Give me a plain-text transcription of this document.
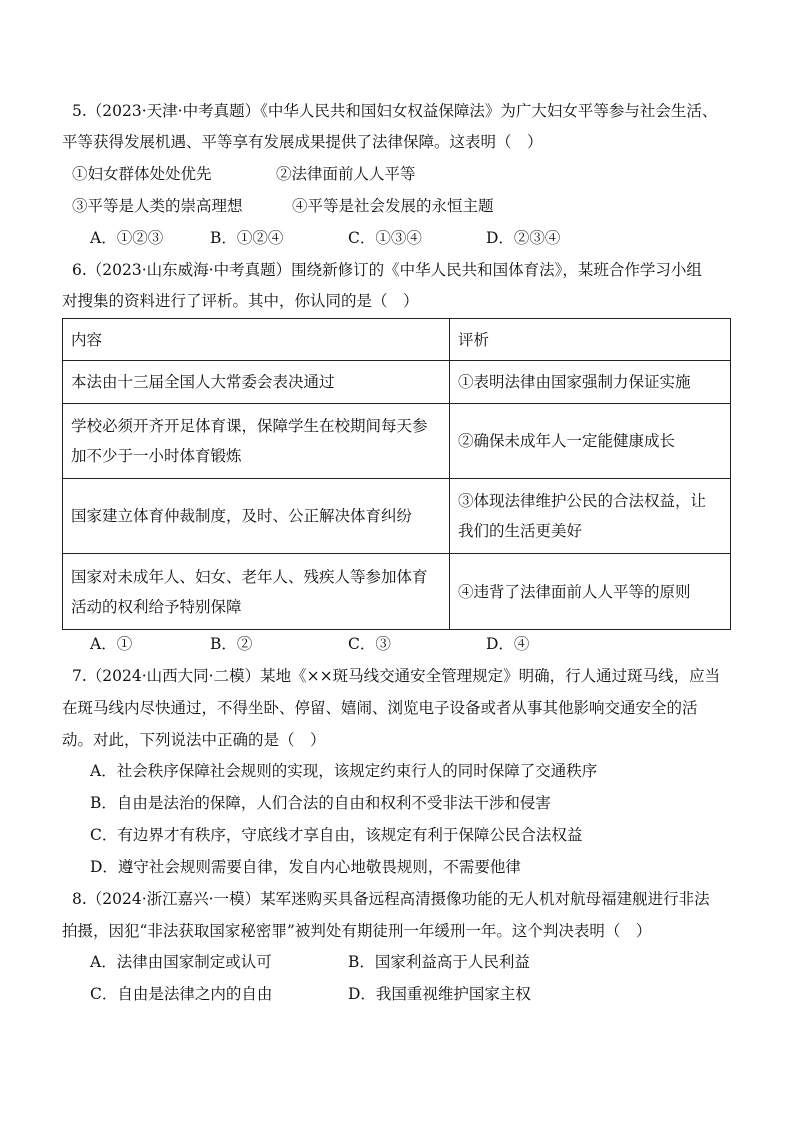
5.（2023·天津·中考真题）《中华人民共和国妇女权益保障法》为广大妇女平等参与社会生活、
平等获得发展机遇、平等享有发展成果提供了法律保障。这表明（　）
①妇女群体处处优先	②法律面前人人平等
③平等是人类的崇高理想	④平等是社会发展的永恒主题
A．①②③	B．①②④	C．①③④	D．②③④
6.（2023·山东威海·中考真题）围绕新修订的《中华人民共和国体育法》，某班合作学习小组
对搜集的资料进行了评析。其中，你认同的是（　）
内容	评析
本法由十三届全国人大常委会表决通过	①表明法律由国家强制力保证实施
学校必须开齐开足体育课，保障学生在校期间每天参
加不少于一小时体育锻炼	②确保未成年人一定能健康成长
国家建立体育仲裁制度，及时、公正解决体育纠纷	③体现法律维护公民的合法权益，让
我们的生活更美好
国家对未成年人、妇女、老年人、残疾人等参加体育
活动的权利给予特别保障	④违背了法律面前人人平等的原则
A．①	B．②	C．③	D．④
7.（2024·山西大同·二模）某地《××斑马线交通安全管理规定》明确，行人通过斑马线，应当
在斑马线内尽快通过，不得坐卧、停留、嬉闹、浏览电子设备或者从事其他影响交通安全的活
动。对此，下列说法中正确的是（　）
A．社会秩序保障社会规则的实现，该规定约束行人的同时保障了交通秩序
B．自由是法治的保障，人们合法的自由和权利不受非法干涉和侵害
C．有边界才有秩序，守底线才享自由，该规定有利于保障公民合法权益
D．遵守社会规则需要自律，发自内心地敬畏规则，不需要他律
8.（2024·浙江嘉兴·一模）某军迷购买具备远程高清摄像功能的无人机对航母福建舰进行非法
拍摄，因犯“非法获取国家秘密罪”被判处有期徒刑一年缓刑一年。这个判决表明（　）
A．法律由国家制定或认可	B．国家利益高于人民利益
C．自由是法律之内的自由	D．我国重视维护国家主权
